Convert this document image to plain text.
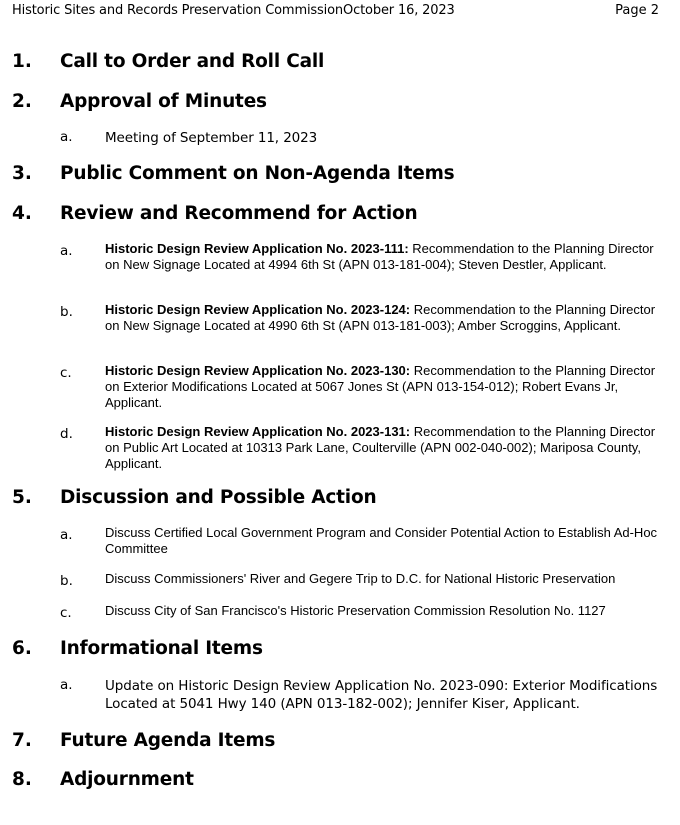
Historic Sites and Records Preservation CommissionOctober 16, 2023	Page 2
1. Call to Order and Roll Call
2. Approval of Minutes
a. Meeting of September 11, 2023
3. Public Comment on Non-Agenda Items
4. Review and Recommend for Action
a. Historic Design Review Application No. 2023-111: Recommendation to the Planning Director on New Signage Located at 4994 6th St (APN 013-181-004); Steven Destler, Applicant.
b. Historic Design Review Application No. 2023-124: Recommendation to the Planning Director on New Signage Located at 4990 6th St (APN 013-181-003); Amber Scroggins, Applicant.
c.	Historic Design Review Application No. 2023-130: Recommendation to the Planning Director on Exterior Modifications Located at 5067 Jones St (APN 013-154-012); Robert Evans Jr, Applicant.
d. Historic Design Review Application No. 2023-131: Recommendation to the Planning Director on Public Art Located at 10313 Park Lane, Coulterville (APN 002-040-002); Mariposa County, Applicant.
5. Discussion and Possible Action
a. Discuss Certified Local Government Program and Consider Potential Action to Establish Ad-Hoc Committee
b. Discuss Commissioners' River and Gegere Trip to D.C. for National Historic Preservation
c.	Discuss City of San Francisco's Historic Preservation Commission Resolution No. 1127
6. Informational Items
a. Update on Historic Design Review Application No. 2023-090: Exterior Modifications Located at 5041 Hwy 140 (APN 013-182-002); Jennifer Kiser, Applicant.
7. Future Agenda Items
8. Adjournment
